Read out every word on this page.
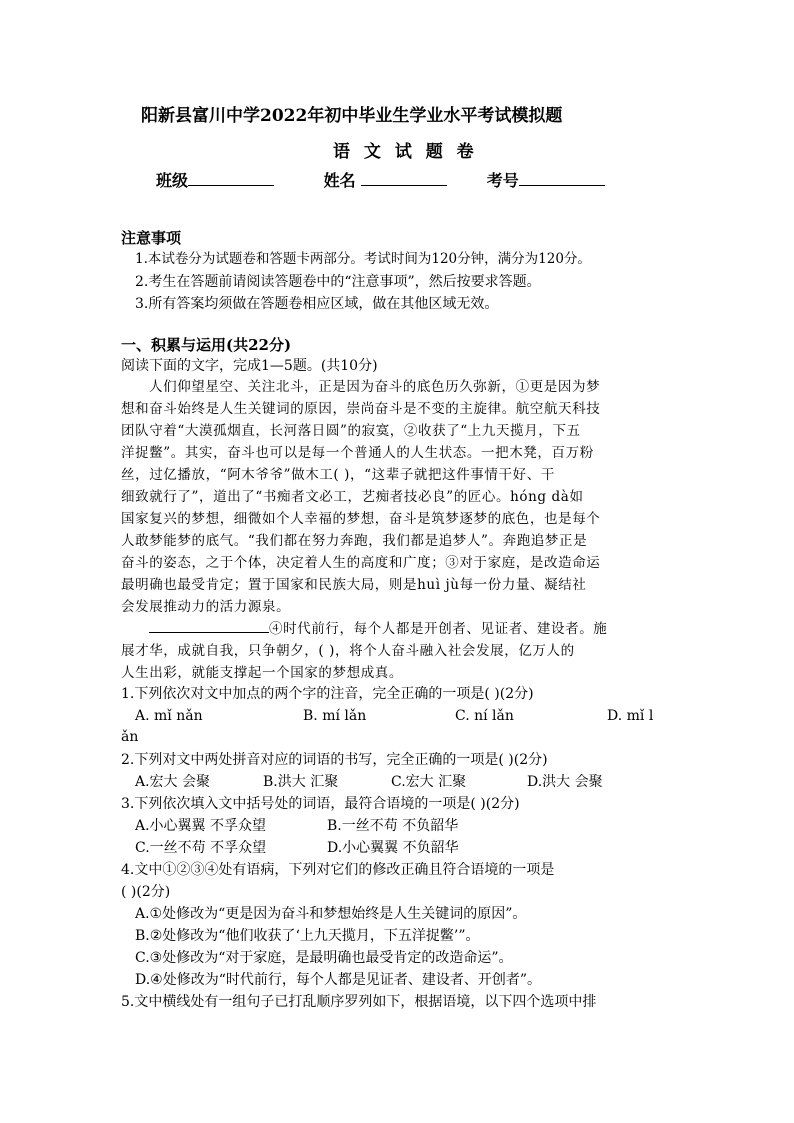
阳新县富川中学2022年初中毕业生学业水平考试模拟题
语 文 试 题 卷
班级	姓名	考号
注意事项
1.本试卷分为试题卷和答题卡两部分。考试时间为120分钟，满分为120分。
2.考生在答题前请阅读答题卷中的“注意事项”，然后按要求答题。
3.所有答案均须做在答题卷相应区域，做在其他区域无效。
一、积累与运用(共22分)
阅读下面的文字，完成1—5题。(共10分)
人们仰望星空、关注北斗，正是因为奋斗的底色历久弥新，①更是因为梦
想和奋斗始终是人生关键词的原因，崇尚奋斗是不变的主旋律。航空航天科技
团队守着“大漠孤烟直，长河落日圆”的寂寞，②收获了“上九天揽月，下五
洋捉鳖”。其实，奋斗也可以是每一个普通人的人生状态。一把木凳，百万粉
丝，过亿播放，“阿木爷爷”做木工( )，“这辈子就把这件事情干好、干
细致就行了”，道出了“书痴者文必工，艺痴者技必良”的匠心。hóng dà如
国家复兴的梦想，细微如个人幸福的梦想，奋斗是筑梦逐梦的底色，也是每个
人敢梦能梦的底气。“我们都在努力奔跑，我们都是追梦人”。奔跑追梦正是
奋斗的姿态，之于个体，决定着人生的高度和广度；③对于家庭，是改造命运
最明确也最受肯定；置于国家和民族大局，则是huì jù每一份力量、凝结社
会发展推动力的活力源泉。
④时代前行，每个人都是开创者、见证者、建设者。施
展才华，成就自我，只争朝夕，( )，将个人奋斗融入社会发展，亿万人的
人生出彩，就能支撑起一个国家的梦想成真。
1.下列依次对文中加点的两个字的注音，完全正确的一项是( )(2分)
A. mǐ nǎn	B. mí lǎn	C. ní lǎn	D. mǐ l
ǎn
2.下列对文中两处拼音对应的词语的书写，完全正确的一项是( )(2分)
A.宏大 会聚	B.洪大 汇聚	C.宏大 汇聚	D.洪大 会聚
3.下列依次填入文中括号处的词语，最符合语境的一项是( )(2分)
A.小心翼翼 不孚众望	B.一丝不苟 不负韶华
C.一丝不苟 不孚众望	D.小心翼翼 不负韶华
4.文中①②③④处有语病，下列对它们的修改正确且符合语境的一项是
( )(2分)
A.①处修改为“更是因为奋斗和梦想始终是人生关键词的原因”。
B.②处修改为“他们收获了‘上九天揽月，下五洋捉鳖’”。
C.③处修改为“对于家庭，是最明确也最受肯定的改造命运”。
D.④处修改为“时代前行，每个人都是见证者、建设者、开创者”。
5.文中横线处有一组句子已打乱顺序罗列如下，根据语境，以下四个选项中排
